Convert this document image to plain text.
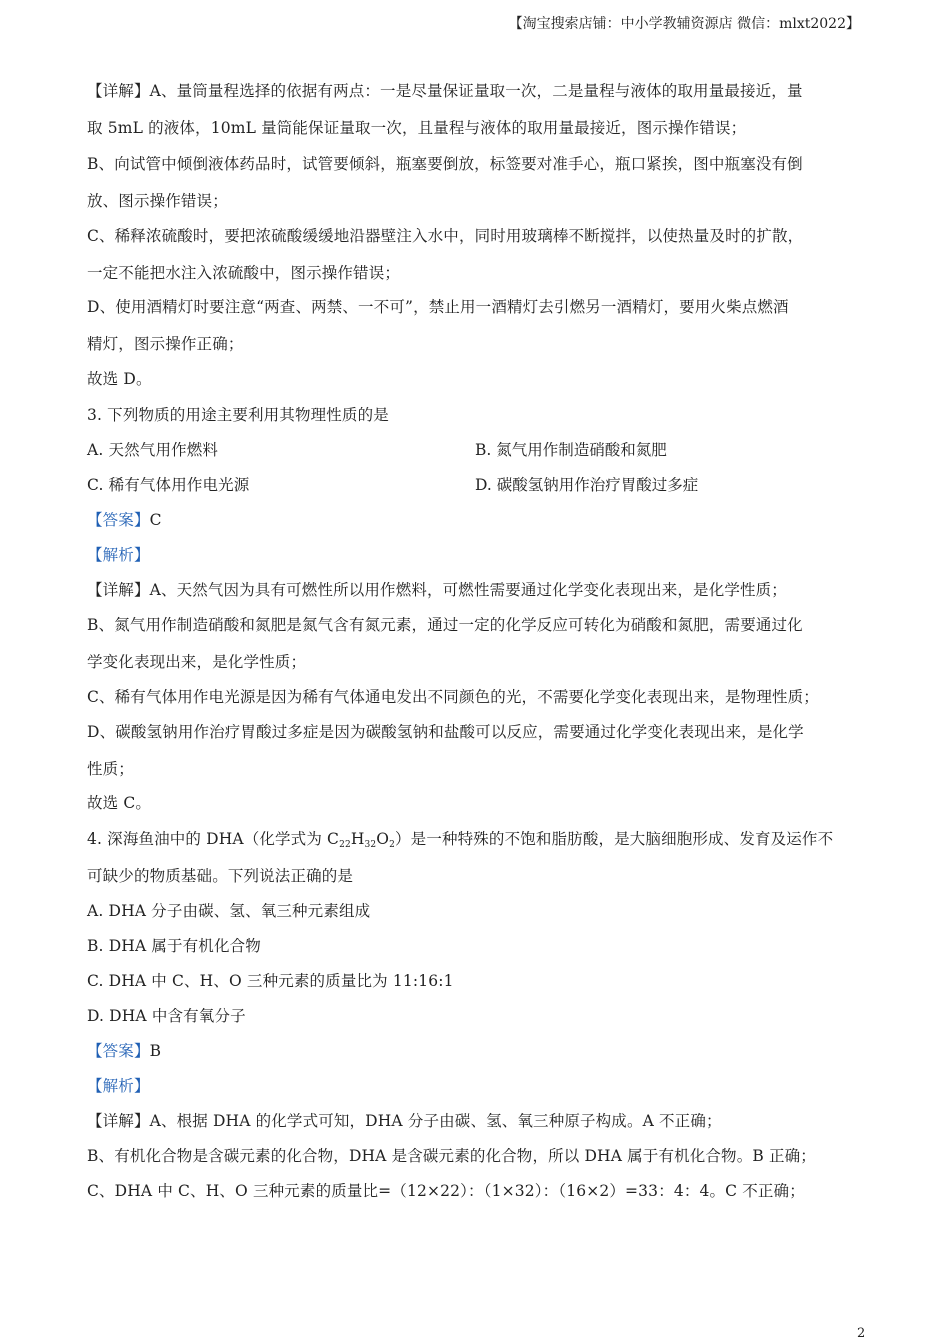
【淘宝搜索店铺：中小学教辅资源店 微信：mlxt2022】
【详解】A、量筒量程选择的依据有两点：一是尽量保证量取一次，二是量程与液体的取用量最接近，量
取 5mL 的液体，10mL 量筒能保证量取一次，且量程与液体的取用量最接近，图示操作错误；
B、向试管中倾倒液体药品时，试管要倾斜，瓶塞要倒放，标签要对准手心，瓶口紧挨，图中瓶塞没有倒
放、图示操作错误；
C、稀释浓硫酸时，要把浓硫酸缓缓地沿器壁注入水中，同时用玻璃棒不断搅拌，以使热量及时的扩散，
一定不能把水注入浓硫酸中，图示操作错误；
D、使用酒精灯时要注意“两查、两禁、一不可”，禁止用一酒精灯去引燃另一酒精灯，要用火柴点燃酒
精灯，图示操作正确；
故选 D。
3. 下列物质的用途主要利用其物理性质的是
A. 天然气用作燃料	B. 氮气用作制造硝酸和氮肥
C. 稀有气体用作电光源	D. 碳酸氢钠用作治疗胃酸过多症
【答案】C
【解析】
【详解】A、天然气因为具有可燃性所以用作燃料，可燃性需要通过化学变化表现出来，是化学性质；
B、氮气用作制造硝酸和氮肥是氮气含有氮元素，通过一定的化学反应可转化为硝酸和氮肥，需要通过化
学变化表现出来，是化学性质；
C、稀有气体用作电光源是因为稀有气体通电发出不同颜色的光，不需要化学变化表现出来，是物理性质；
D、碳酸氢钠用作治疗胃酸过多症是因为碳酸氢钠和盐酸可以反应，需要通过化学变化表现出来，是化学
性质；
故选 C。
4. 深海鱼油中的 DHA（化学式为 $C_{22}H_{32}O_2$）是一种特殊的不饱和脂肪酸，是大脑细胞形成、发育及运作不
可缺少的物质基础。下列说法正确的是
A. DHA 分子由碳、氢、氧三种元素组成
B. DHA 属于有机化合物
C. DHA 中 C、H、O 三种元素的质量比为 11:16:1
D. DHA 中含有氧分子
【答案】B
【解析】
【详解】A、根据 DHA 的化学式可知，DHA 分子由碳、氢、氧三种原子构成。A 不正确；
B、有机化合物是含碳元素的化合物，DHA 是含碳元素的化合物，所以 DHA 属于有机化合物。B 正确；
C、DHA 中 C、H、O 三种元素的质量比=（12×22）：（1×32）：（16×2）=33：4：4。C 不正确；
2
